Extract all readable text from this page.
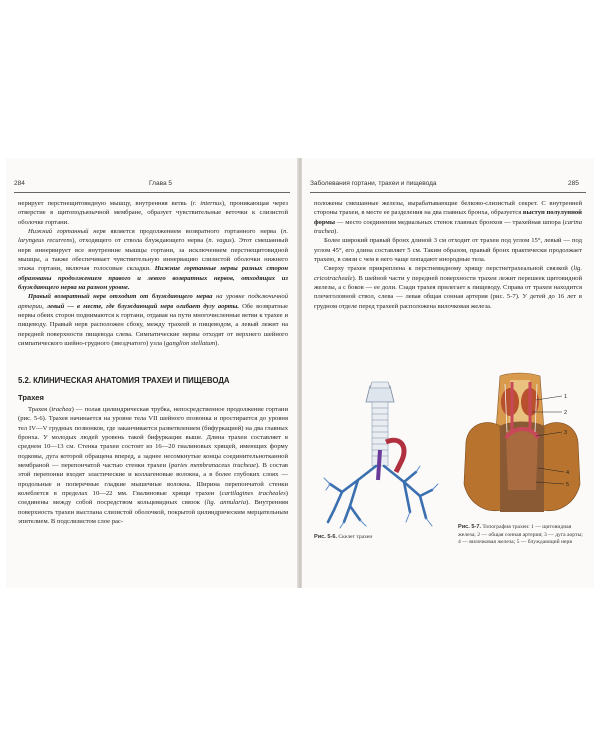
284	Глава 5

нерирует перстнещитовидную мышцу, внутренняя ветвь (r. internus), проникающая через отверстие в щитоподъязычной мембране, образует чувствительные веточки к слизистой оболочке гортани.

Нижний гортанный нерв является продолжением возвратного гортанного нерва (n. laryngeus recurrens), отходящего от ствола блуждающего нерва (n. vagus). Этот смешанный нерв иннервирует все внутренние мышцы гортани, за исключением перстнещитовидной мышцы, а также обеспечивает чувствительную иннервацию слизистой оболочки нижнего этажа гортани, включая голосовые складки. Нижние гортанные нервы разных сторон образованы продолжением правого и левого возвратных нервов, отходящих из блуждающего нерва на разном уровне.

Правый возвратный нерв отходит от блуждающего нерва на уровне подключичной артерии, левый — в месте, где блуждающий нерв огибает дугу аорты. Обе возвратные нервы обеих сторон поднимаются к гортани, отдавая на пути многочисленные ветви к трахее и пищеводу. Правый нерв расположен сбоку, между трахеей и пищеводом, а левый лежит на передней поверхности пищевода слева. Симпатические нервы отходят от верхнего шейного симпатического шейно-грудного (звездчатого) узла (ganglion stellatum).

5.2. КЛИНИЧЕСКАЯ АНАТОМИЯ ТРАХЕИ И ПИЩЕВОДА
Трахея

Трахея (trachea) — полая цилиндрическая трубка, непосредственное продолжение гортани (рис. 5-6). Трахея начинается на уровне тела VII шейного позвонка и простирается до уровня тел IV—V грудных позвонков, где заканчивается разветвлением (бифуркацией) на два главных бронха. У молодых людей уровень такой бифуркации выше. Длина трахеи составляет в среднем 10—13 см. Стенка трахеи состоит из 16—20 гиалиновых хрящей, имеющих форму подковы, дуга которой обращена вперед, а заднее несомкнутые концы соединительнотканной мембраной — перепончатой частью стенки трахеи (paries membranaceus tracheae). В состав этой перепонки входят эластические и коллагеновые волокна, а в более глубоких слоях — продольные и поперечные гладкие мышечные волокна. Ширина перепончатой стенки колеблется в пределах 10—22 мм. Гиалиновые хрящи трахеи (cartilagines tracheales) соединены между собой посредством кольцевидных связок (lig. annularia). Внутренняя поверхность трахеи выстлана слизистой оболочкой, покрытой цилиндрическим мерцательным эпителием. В подслизистом слое рас-

Заболевания гортани, трахеи и пищевода	285

положены смешанные железы, вырабатывающие белково-слизистый секрет. С внутренней стороны трахеи, в месте ее разделения на два главных бронха, образуется выступ полулунной формы — место соединения медиальных стенок главных бронхов — трахейная шпора (carina trachea).

Более широкий правый бронх длиной 3 см отходит от трахеи под углом 15°, левый — под углом 45°, его длина составляет 5 см. Таким образом, правый бронх практически продолжает трахею, в связи с чем в него чаще попадают инородные тела.

Сверху трахея прикреплена к перстневидному хрящу перстнетрахеальной связкой (lig. cricotracheale). В шейной части у передней поверхности трахеи лежит перешеек щитовидной железы, а с боков — ее доли. Сзади трахея прилегает к пищеводу. Справа от трахеи находится плечеголовной ствол, слева — левая общая сонная артерия (рис. 5-7). У детей до 16 лет в грудном отделе перед трахеей расположена вилочковая железа.

Рис. 5-6. Скелет трахеи
1
2
3
4
5
Рис. 5-7. Топография трахеи: 1 — щитовидная железа; 2 — общая сонная артерия; 3 — дуга аорты; 4 — вилочковая железа; 5 — блуждающий нерв
